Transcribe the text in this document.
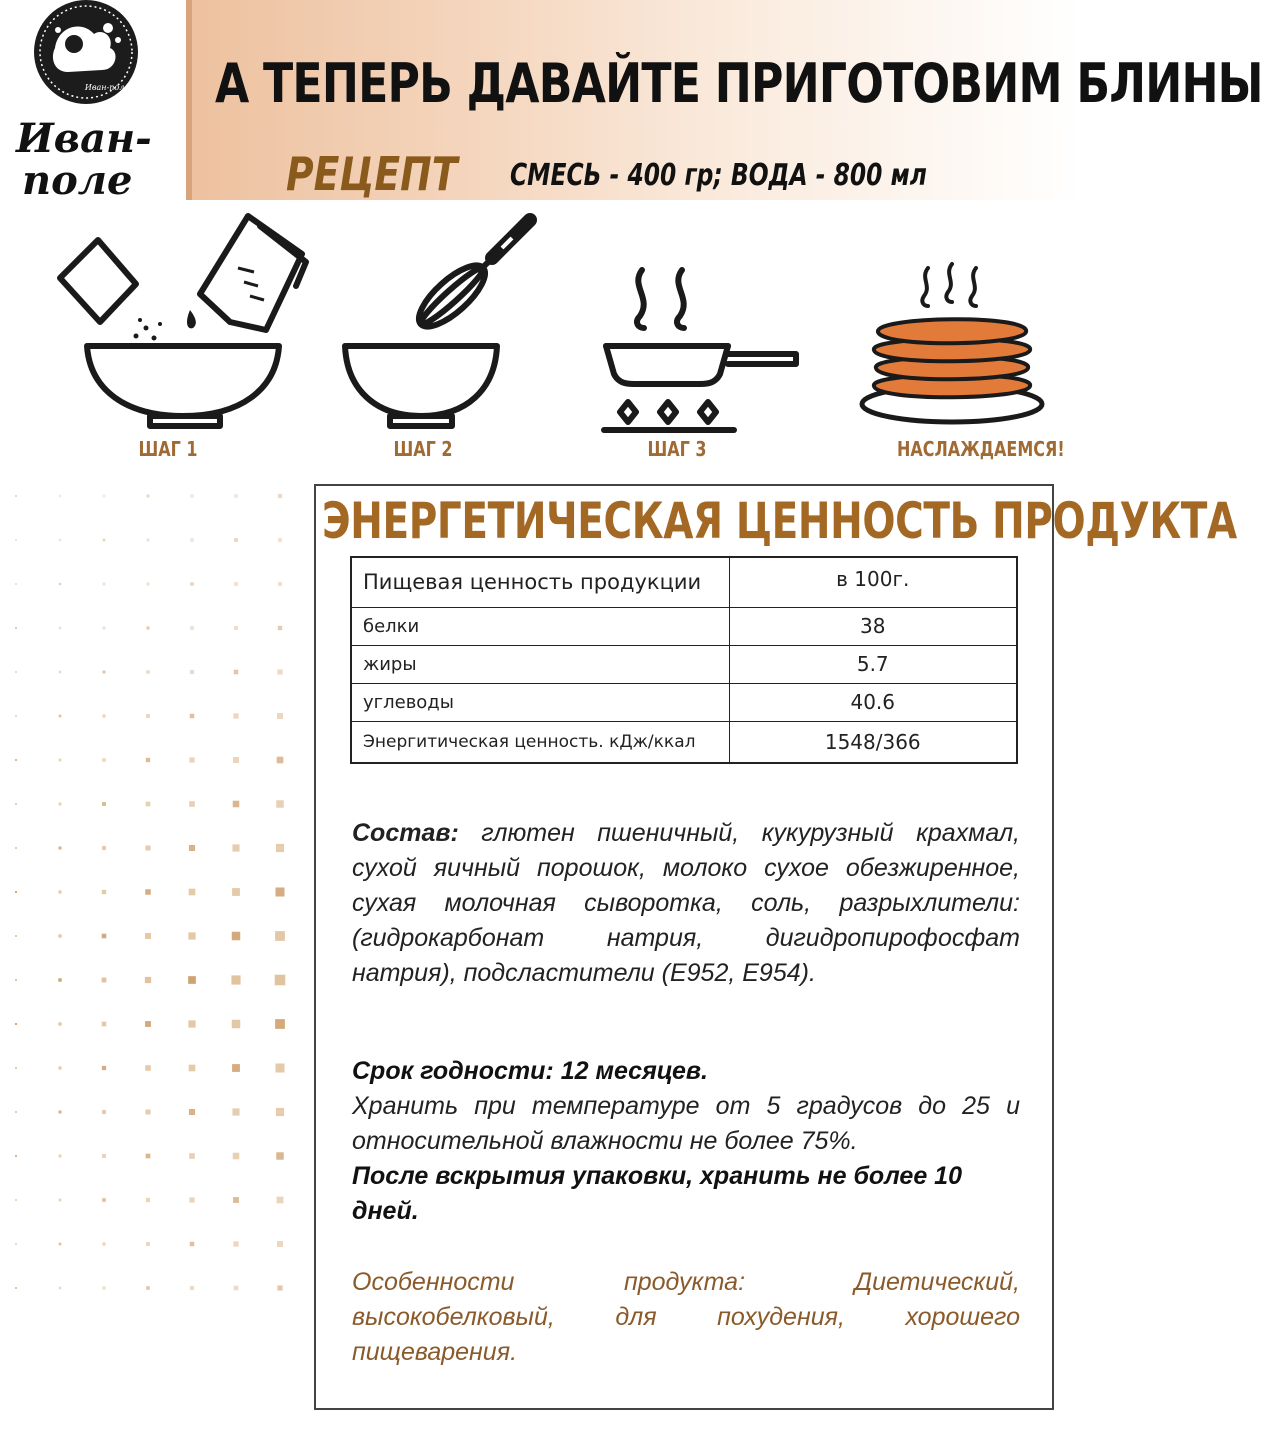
Иван-поле
Иван-
поле
А ТЕПЕРЬ ДАВАЙТЕ ПРИГОТОВИМ БЛИНЫ
РЕЦЕПТ СМЕСЬ - 400 гр; ВОДА - 800 мл
ШАГ 1	ШАГ 2	ШАГ 3	НАСЛАЖДАЕМСЯ!
ЭНЕРГЕТИЧЕСКАЯ ЦЕННОСТЬ ПРОДУКТА
Пищевая ценность продукции	в 100г.
белки	38
жиры	5.7
углеводы	40.6
Энергитическая ценность. кДж/ккал	1548/366

Состав: глютен пшеничный, кукурузный крахмал, сухой яичный порошок, молоко сухое обезжиренное, сухая молочная сыворотка, соль, разрыхлители: (гидрокарбонат натрия, дигидропирофосфат натрия), подсластители (E952, E954).

Срок годности: 12 месяцев.
Хранить при температуре от 5 градусов до 25 и относительной влажности не более 75%.
После вскрытия упаковки, хранить не более 10 дней.

Особенности продукта: Диетический, высокобелковый, для похудения, хорошего пищеварения.
